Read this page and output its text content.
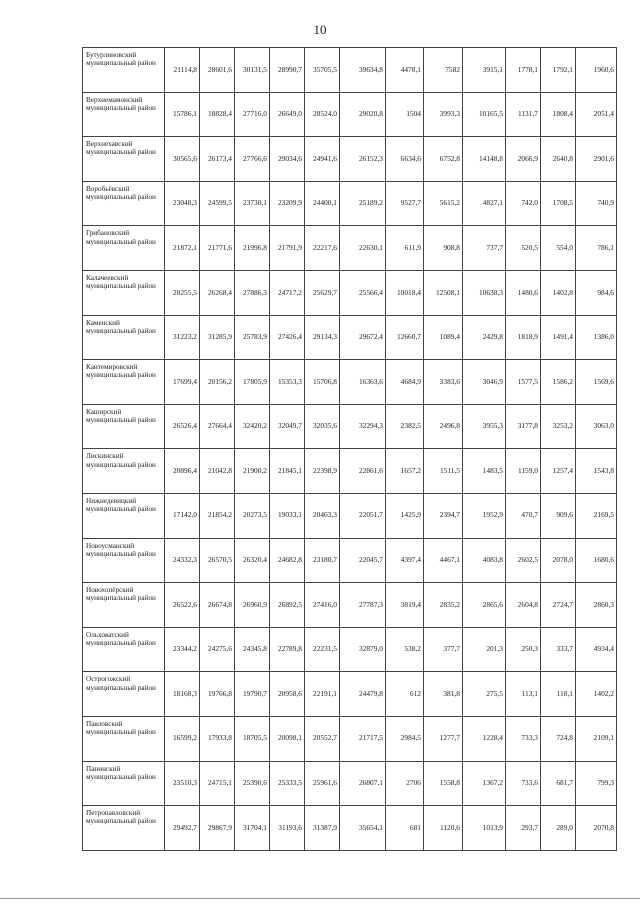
10
Бутурлиновский муниципальный район	21114,8	28601,6	30131,5	28990,7	35705,5	39634,8	4478,1	7582	3915,1	1778,1	1792,1	1960,6
Верхнемамонский муниципальный район	15786,1	18828,4	27716,0	26649,0	28524,0	29020,8	1504	3993,3	10165,5	1131,7	1808,4	2051,4
Верхнехавский муниципальный район	30565,6	26173,4	27766,6	29034,6	24941,6	26152,3	6634,6	6752,8	14148,8	2066,9	2640,8	2901,6
Воробьёвский муниципальный район	23048,3	24599,5	23730,1	23209,9	24400,1	25189,2	9527,7	5615,2	4827,1	742,0	1708,5	740,9
Грибановский муниципальный район	21872,1	21771,6	21996,8	21791,9	22217,6	22630,1	611,9	908,8	737,7	520,5	554,0	786,1
Калачеевский муниципальный район	20255,5	26268,4	27886,3	24717,2	25629,7	25566,4	10018,4	12508,1	10638,3	1480,6	1402,8	984,6
Каменский муниципальный район	31223,2	31285,9	25783,9	27426,4	29134,3	29672,4	12660,7	1089,4	2429,8	1818,9	1491,4	1386,0
Кантемировский муниципальный район	17699,4	20156,2	17805,9	15353,3	15706,8	16363,6	4684,9	3383,6	3046,9	1577,5	1586,2	1569,6
Каширский муниципальный район	26526,4	27664,4	32420,2	32049,7	32035,6	32294,3	2382,5	2496,8	3955,3	3177,8	3253,2	3063,0
Лискинский муниципальный район	20896,4	21042,8	21900,2	21845,1	22398,9	22861,6	1657,2	1511,5	1483,5	1159,0	1257,4	1543,8
Нижнедевицкий муниципальный район	17142,0	21854,2	20273,5	19033,1	20463,3	22051,7	1425,9	2394,7	1952,9	470,7	909,6	2169,5
Новоусманский муниципальный район	24332,3	26570,5	26320,4	24682,8	23180,7	22045,7	4397,4	4467,1	4083,8	2602,5	2078,0	1680,6
Новохопёрский муниципальный район	26522,6	26674,8	26960,9	26892,5	27416,0	27787,3	3819,4	2835,2	2865,6	2604,8	2724,7	2860,3
Ольховатский муниципальный район	23344,2	24275,6	24345,8	22789,8	22231,5	32879,0	538,2	377,7	201,3	250,3	333,7	4934,4
Острогожский муниципальный район	18168,3	19766,8	19790,7	20958,6	22191,1	24479,8	612	381,8	275,5	113,1	118,1	1402,2
Павловский муниципальный район	16599,2	17933,8	18705,5	20098,1	20552,7	21717,5	2984,5	1277,7	1228,4	733,3	724,8	2109,1
Панинский муниципальный район	23510,3	24715,1	25390,6	25333,5	25961,6	26807,1	2706	1558,8	1367,2	733,6	681,7	799,3
Петропавловский муниципальный район	29492,7	29867,9	31704,1	31193,6	31387,9	35654,1	681	1120,6	1013,9	293,7	289,0	2070,8
